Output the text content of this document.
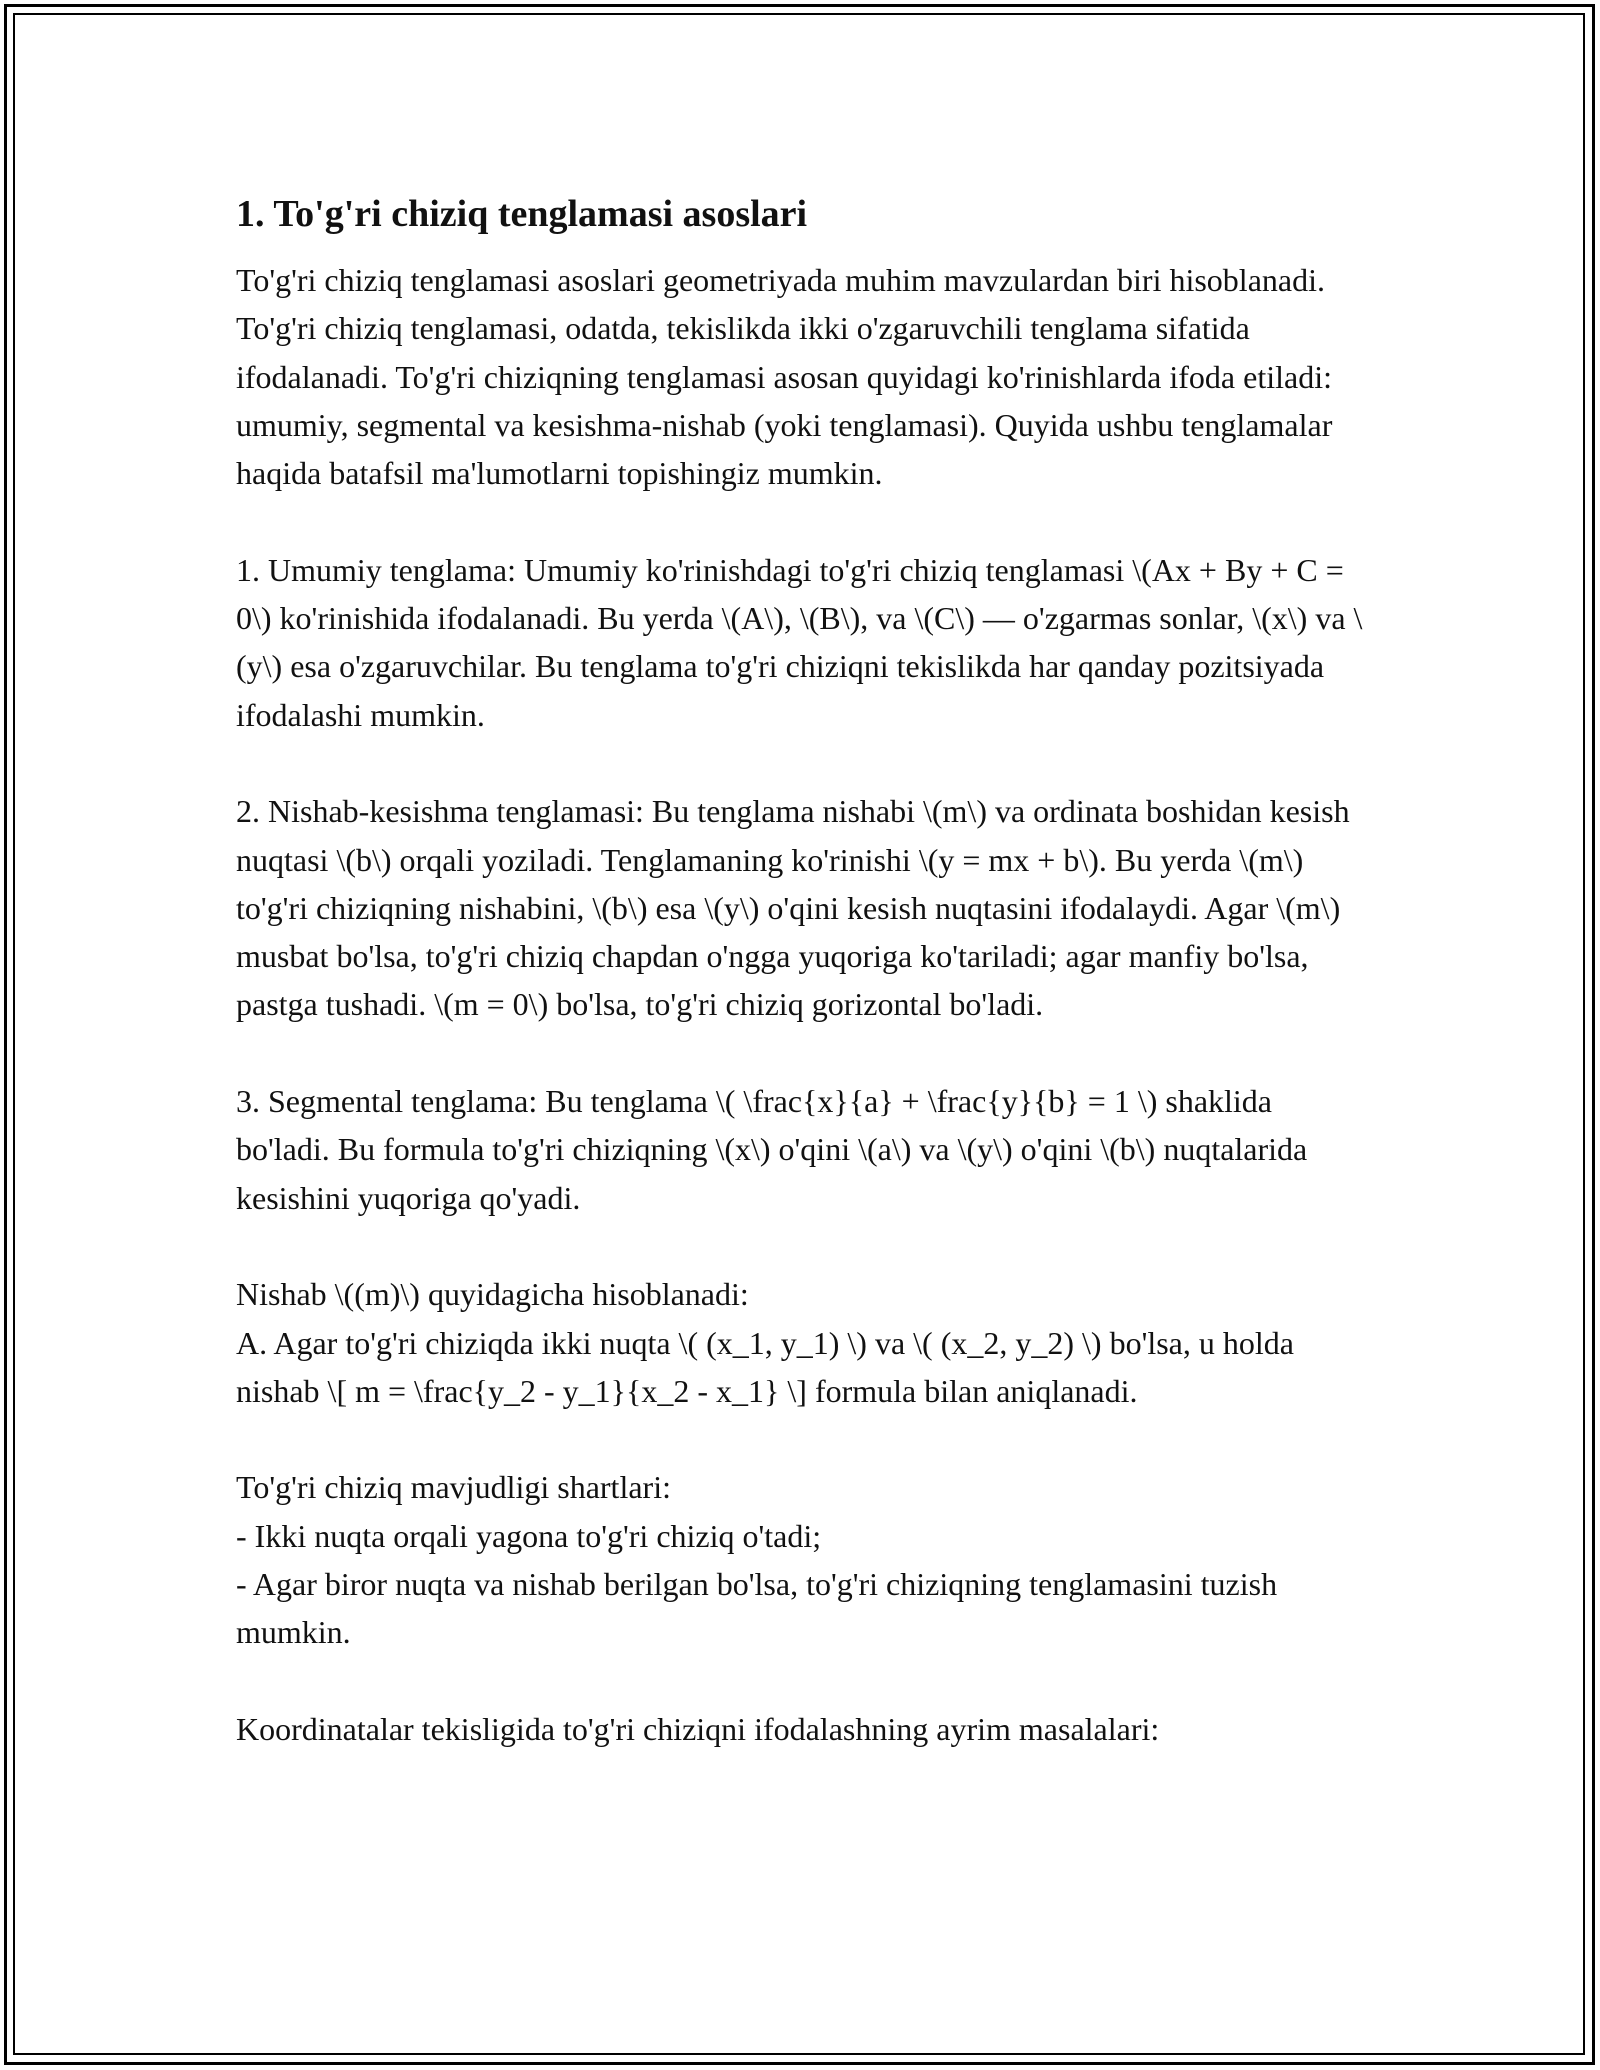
1. To'g'ri chiziq tenglamasi asoslari

To'g'ri chiziq tenglamasi asoslari geometriyada muhim mavzulardan biri hisoblanadi. To'g'ri chiziq tenglamasi, odatda, tekislikda ikki o'zgaruvchili tenglama sifatida ifodalanadi. To'g'ri chiziqning tenglamasi asosan quyidagi ko'rinishlarda ifoda etiladi: umumiy, segmental va kesishma-nishab (yoki tenglamasi). Quyida ushbu tenglamalar haqida batafsil ma'lumotlarni topishingiz mumkin.

1. Umumiy tenglama: Umumiy ko'rinishdagi to'g'ri chiziq tenglamasi \(Ax + By + C = 0\) ko'rinishida ifodalanadi. Bu yerda \(A\), \(B\), va \(C\) — o'zgarmas sonlar, \(x\) va \(y\) esa o'zgaruvchilar. Bu tenglama to'g'ri chiziqni tekislikda har qanday pozitsiyada ifodalashi mumkin.

2. Nishab-kesishma tenglamasi: Bu tenglama nishabi \(m\) va ordinata boshidan kesish nuqtasi \(b\) orqali yoziladi. Tenglamaning ko'rinishi \(y = mx + b\). Bu yerda \(m\) to'g'ri chiziqning nishabini, \(b\) esa \(y\) o'qini kesish nuqtasini ifodalaydi. Agar \(m\) musbat bo'lsa, to'g'ri chiziq chapdan o'ngga yuqoriga ko'tariladi; agar manfiy bo'lsa, pastga tushadi. \(m = 0\) bo'lsa, to'g'ri chiziq gorizontal bo'ladi.

3. Segmental tenglama: Bu tenglama \( \frac{x}{a} + \frac{y}{b} = 1 \) shaklida bo'ladi. Bu formula to'g'ri chiziqning \(x\) o'qini \(a\) va \(y\) o'qini \(b\) nuqtalarida kesishini yuqoriga qo'yadi.

Nishab \((m)\) quyidagicha hisoblanadi:

A. Agar to'g'ri chiziqda ikki nuqta \( (x_1, y_1) \) va \( (x_2, y_2) \) bo'lsa, u holda nishab \[ m = \frac{y_2 - y_1}{x_2 - x_1} \] formula bilan aniqlanadi.

To'g'ri chiziq mavjudligi shartlari:

- Ikki nuqta orqali yagona to'g'ri chiziq o'tadi;

- Agar biror nuqta va nishab berilgan bo'lsa, to'g'ri chiziqning tenglamasini tuzish mumkin.

Koordinatalar tekisligida to'g'ri chiziqni ifodalashning ayrim masalalari:
